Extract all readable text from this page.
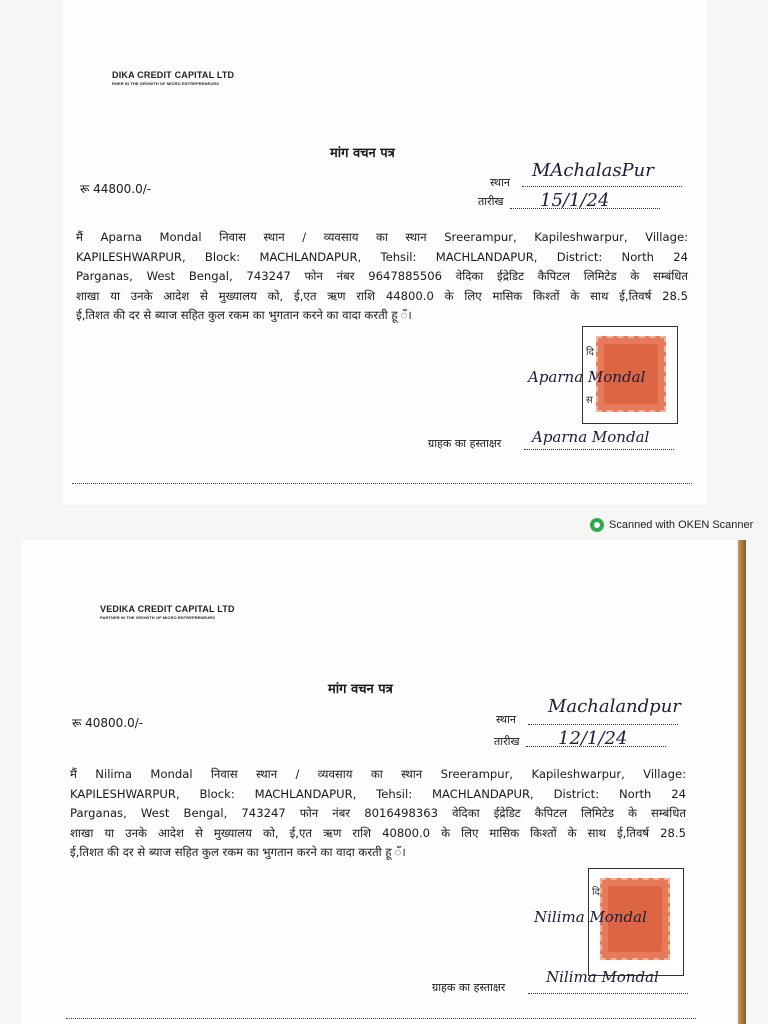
DIKA CREDIT CAPITAL LTD
RNER IN THE GROWTH OF MICRO ENTREPRENEURS
मांग वचन पत्र
रू 44800.0/-	स्थान
MAchalasPur
तारीख 15/1/24
मैं Aparna Mondal निवास स्थान / व्यवसाय का स्थान Sreerampur, Kapileshwarpur, Village:
KAPILESHWARPUR, Block: MACHLANDAPUR, Tehsil: MACHLANDAPUR, District: North 24
Parganas, West Bengal, 743247 फोन नंबर 9647885506 वेदिका ईद्रेडिट कैपिटल लिमिटेड के सम्बंधित
शाखा या उनके आदेश से मुख्यालय को, ई,एत ऋण राशि 44800.0 के लिए मासिक किश्तों के साथ ई,तिवर्ष 28.5
ई,तिशत की दर से ब्याज सहित कुल रकम का भुगतान करने का वादा करती हू ँ।
दि
स
Aparna Mondal
ग्राहक का हस्ताक्षर Aparna Mondal
Scanned with OKEN Scanner
VEDIKA CREDIT CAPITAL LTD
PARTNER IN THE GROWTH OF MICRO ENTREPRENEURS
मांग वचन पत्र
रू 40800.0/-	स्थान
Machalandpur
तारीख 12/1/24
मैं Nilima Mondal निवास स्थान / व्यवसाय का स्थान Sreerampur, Kapileshwarpur, Village:
KAPILESHWARPUR, Block: MACHLANDAPUR, Tehsil: MACHLANDAPUR, District: North 24
Parganas, West Bengal, 743247 फोन नंबर 8016498363 वेदिका ईद्रेडिट कैपिटल लिमिटेड के सम्बंधित
शाखा या उनके आदेश से मुख्यालय को, ई,एत ऋण राशि 40800.0 के लिए मासिक किश्तों के साथ ई,तिवर्ष 28.5
ई,तिशत की दर से ब्याज सहित कुल रकम का भुगतान करने का वादा करती हू ँ।
दि
Nilima Mondal
ग्राहक का हस्ताक्षर
Nilima Mondal
